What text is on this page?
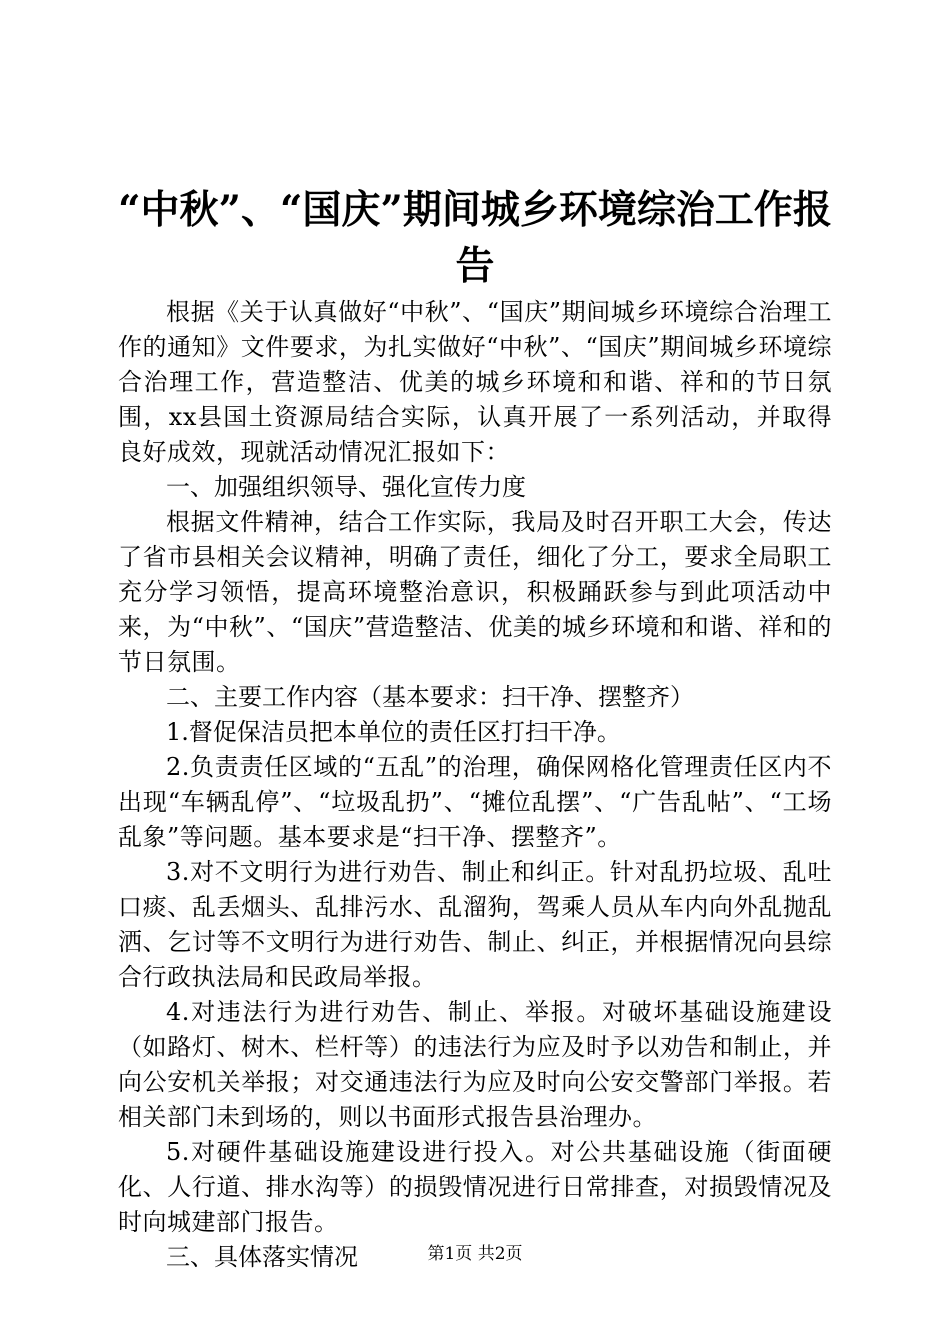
“中秋”、“国庆”期间城乡环境综治工作报
告

根据《关于认真做好“中秋”、“国庆”期间城乡环境综合治理工作的通知》文件要求，为扎实做好“中秋”、“国庆”期间城乡环境综合治理工作，营造整洁、优美的城乡环境和和谐、祥和的节日氛围，xx县国土资源局结合实际，认真开展了一系列活动，并取得良好成效，现就活动情况汇报如下：

一、加强组织领导、强化宣传力度

根据文件精神，结合工作实际，我局及时召开职工大会，传达了省市县相关会议精神，明确了责任，细化了分工，要求全局职工充分学习领悟，提高环境整治意识，积极踊跃参与到此项活动中来，为“中秋”、“国庆”营造整洁、优美的城乡环境和和谐、祥和的节日氛围。

二、主要工作内容（基本要求：扫干净、摆整齐）

1.督促保洁员把本单位的责任区打扫干净。

2.负责责任区域的“五乱”的治理，确保网格化管理责任区内不出现“车辆乱停”、“垃圾乱扔”、“摊位乱摆”、“广告乱帖”、“工场乱象”等问题。基本要求是“扫干净、摆整齐”。

3.对不文明行为进行劝告、制止和纠正。针对乱扔垃圾、乱吐口痰、乱丢烟头、乱排污水、乱溜狗，驾乘人员从车内向外乱抛乱洒、乞讨等不文明行为进行劝告、制止、纠正，并根据情况向县综合行政执法局和民政局举报。

4.对违法行为进行劝告、制止、举报。对破坏基础设施建设（如路灯、树木、栏杆等）的违法行为应及时予以劝告和制止，并向公安机关举报；对交通违法行为应及时向公安交警部门举报。若相关部门未到场的，则以书面形式报告县治理办。

5.对硬件基础设施建设进行投入。对公共基础设施（街面硬化、人行道、排水沟等）的损毁情况进行日常排查，对损毁情况及时向城建部门报告。

三、具体落实情况	第1页 共2页
